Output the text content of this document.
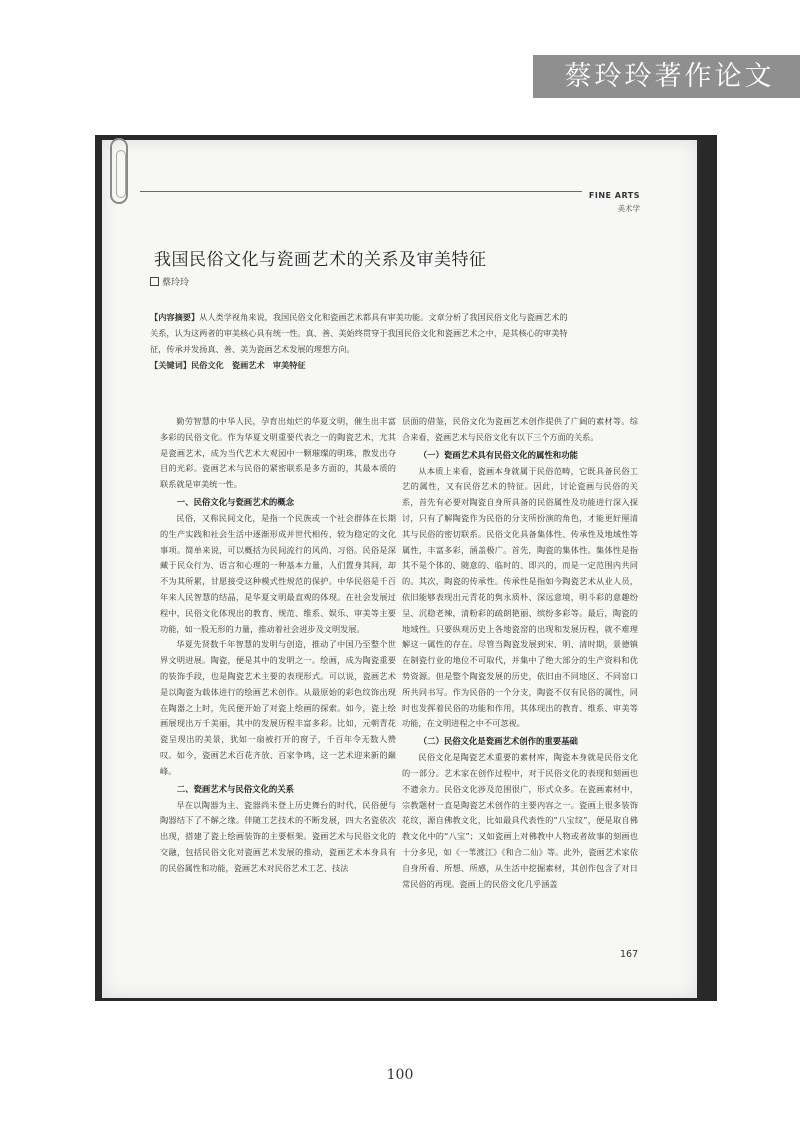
蔡玲玲著作论文
FINE ARTS
美术学
我国民俗文化与瓷画艺术的关系及审美特征
蔡玲玲

【内容摘要】从人类学视角来说，我国民俗文化和瓷画艺术都具有审美功能。文章分析了我国民俗文化与瓷画艺术的关系，认为这两者的审美核心具有统一性。真、善、美始终贯穿于我国民俗文化和瓷画艺术之中，是其核心的审美特征，传承并发扬真、善、美为瓷画艺术发展的理想方向。

【关键词】民俗文化　瓷画艺术　审美特征

勤劳智慧的中华人民，孕育出灿烂的华夏文明，催生出丰富多彩的民俗文化。作为华夏文明重要代表之一的陶瓷艺术，尤其是瓷画艺术，成为当代艺术大观园中一颗璀璨的明珠，散发出夺目的光彩。瓷画艺术与民俗的紧密联系是多方面的，其最本质的联系就是审美统一性。

一、民俗文化与瓷画艺术的概念

民俗，又称民间文化，是指一个民族或一个社会群体在长期的生产实践和社会生活中逐渐形成并世代相传、较为稳定的文化事项。简单来说，可以概括为民间流行的风尚、习俗。民俗是深藏于民众行为、语言和心理的一种基本力量，人们置身其间，却不为其所累，甘愿接受这种模式性规范的保护。中华民俗是千百年来人民智慧的结晶，是华夏文明最直观的体现。在社会发展过程中，民俗文化体现出的教育、规范、维系、娱乐、审美等主要功能，如一股无形的力量，推动着社会进步及文明发展。

华夏先贤数千年智慧的发明与创造，推动了中国乃至整个世界文明进展。陶瓷，便是其中的发明之一。绘画，成为陶瓷重要的装饰手段，也是陶瓷艺术主要的表现形式。可以说，瓷画艺术是以陶瓷为载体进行的绘画艺术创作。从最原始的彩色纹饰出现在陶器之上时，先民便开始了对瓷上绘画的探索。如今，瓷上绘画展现出万千美丽，其中的发展历程丰富多彩。比如，元朝青花瓷呈现出的美景，犹如一扇被打开的窗子，千百年令无数人赞叹。如今，瓷画艺术百花齐放、百家争鸣，这一艺术迎来新的巅峰。

二、瓷画艺术与民俗文化的关系

早在以陶器为主、瓷器尚未登上历史舞台的时代，民俗便与陶器结下了不解之缘。伴随工艺技术的不断发展，四大名瓷依次出现，搭建了瓷上绘画装饰的主要框架。瓷画艺术与民俗文化的交融，包括民俗文化对瓷画艺术发展的推动，瓷画艺术本身具有的民俗属性和功能，瓷画艺术对民俗艺术工艺、技法

层面的借鉴，民俗文化为瓷画艺术创作提供了广阔的素材等。综合来看，瓷画艺术与民俗文化有以下三个方面的关系。

（一）瓷画艺术具有民俗文化的属性和功能

从本质上来看，瓷画本身就属于民俗范畴，它既具备民俗工艺的属性，又有民俗艺术的特征。因此，讨论瓷画与民俗的关系，首先有必要对陶瓷自身所具备的民俗属性及功能进行深入探讨，只有了解陶瓷作为民俗的分支所扮演的角色，才能更好厘清其与民俗的密切联系。民俗文化具备集体性、传承性及地域性等属性，丰富多彩，涵盖极广。首先，陶瓷的集体性。集体性是指其不是个体的、随意的、临时的、即兴的，而是一定范围内共同的。其次，陶瓷的传承性。传承性是指如今陶瓷艺术从业人员，依旧能够表现出元青花的隽永质朴、深远意境，明斗彩的意趣纷呈、沉稳老辣，清粉彩的疏朗艳丽、缤纷多彩等。最后，陶瓷的地域性。只要纵观历史上各地瓷窑的出现和发展历程，就不难理解这一属性的存在。尽管当陶瓷发展到宋、明、清时期，景德镇在制瓷行业的地位不可取代，并集中了绝大部分的生产资料和优势资源。但是整个陶瓷发展的历史，依旧由不同地区、不同窑口所共同书写。作为民俗的一个分支，陶瓷不仅有民俗的属性，同时也发挥着民俗的功能和作用，其体现出的教育、维系、审美等功能，在文明进程之中不可忽视。

（二）民俗文化是瓷画艺术创作的重要基础

民俗文化是陶瓷艺术重要的素材库，陶瓷本身就是民俗文化的一部分。艺术家在创作过程中，对于民俗文化的表现和刻画也不遗余力。民俗文化涉及范围很广，形式众多。在瓷画素材中，宗教题材一直是陶瓷艺术创作的主要内容之一。瓷画上很多装饰花纹，源自佛教文化，比如最具代表性的“八宝纹”，便是取自佛教文化中的“八宝”；又如瓷画上对佛教中人物或者故事的刻画也十分多见，如《一苇渡江》《和合二仙》等。此外，瓷画艺术家依自身所看、所想、所感，从生活中挖掘素材，其创作包含了对日常民俗的再现。瓷画上的民俗文化几乎涵盖

167
100
